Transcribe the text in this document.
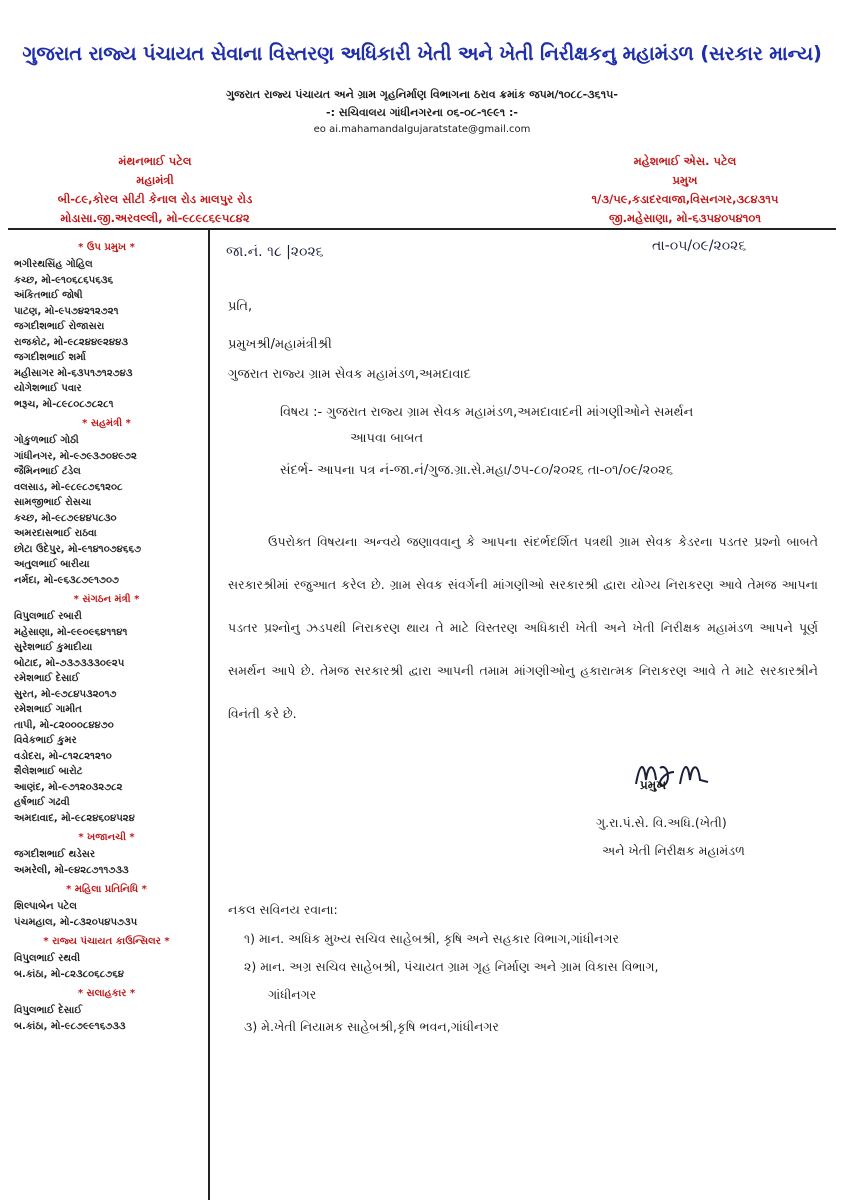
ગુજરાત રાજ્ય પંચાયત સેવાના વિસ્તરણ અધિકારી ખેતી અને ખેતી નિરીક્ષકનુ મહામંડળ (સરકાર માન્ય)
ગુજરાત રાજ્ય પંચાયત અને ગ્રામ ગૃહનિર્માણ વિભાગના ઠરાવ ક્રમાંક જપમ/૧૦૮૮-૩૬૧૫-
-: સચિવાલય ગાંધીનગરના ૦૬-૦૮-૧૯૯૧ :-
eo ai.mahamandalgujaratstate@gmail.com
મંથનભાઈ પટેલ
મહામંત્રી
બી-૮૯,કોરલ સીટી કેનાલ રોડ માલપુર રોડ
મોડાસા.જી.અરવલ્લી, મો-૯૮૯૮૬૯૫૮૪૨
મહેશભાઈ એસ. પટેલ
પ્રમુખ
૧/૩/૫૯,કડાદરવાજા,વિસનગર,૩૮૪૩૧૫
જી.મહેસાણા, મો-૬૩૫૪૦૫૪૧૦૧
* ઉપ પ્રમુખ *
ભગીરથસિંહ ગોહિલ
કચ્છ, મો-૯૧૦૬૮૬૫૬૩૬
અંકિતભાઈ જોષી
પાટણ, મો-૯૫૭૪૨૧૨૭૨૧
જગદીશભાઈ રોજાસરા
રાજકોટ, મો-૯૮૨૪૪૯૨૪૪૩
જગદીશભાઈ શર્મા
મહીસાગર મો-૬૩૫૧૭૧૨૭૪૩
યોગેશભાઈ પવાર
ભરૂચ, મો-૮૯૮૦૮૭૮૨૮૧
* સહમંત્રી *
ગોકુળભાઈ ગોઠી
ગાંધીનગર, મો-૯૭૯૩૭૦૪૯૭૨
જૈમિનભાઈ ટંડેલ
વલસાડ, મો-૯૮૯૮૭૬૧૨૦૮
સામજીભાઈ રોસચા
કચ્છ, મો-૯૮૭૯૪૪૫૮૩૦
અમરદાસભાઈ રાઠવા
છોટા ઉદેપુર, મો-૯૧૪૧૦૭૪૬૬૭
અતુલભાઈ બારીયા
નર્મદા, મો-૯૬૩૮૭૯૧૭૦૭
* સંગઠન મંત્રી *
વિપુલભાઈ રબારી
મહેસાણા, મો-૯૯૦૯૬૪૧૧૪૧
સુરેશભાઈ કુમાદીયા
બોટાદ, મો-૭૩૭૩૩૩૦૯૨૫
રમેશભાઈ દેસાઈ
સુરત, મો-૯૭૮૪૫૩૨૦૧૭
રમેશભાઈ ગામીત
તાપી, મો-૮૨૦૦૦૮૪૪૭૦
વિવેકભાઈ કુમર
વડોદરા, મો-૮૧૨૮૨૧૨૧૦
શૈલેશભાઈ બારોટ
આણંદ, મો-૯૭૧૨૦૩૨૭૮૨
હર્ષભાઈ ગઢવી
અમદાવાદ, મો-૯૮૨૪૬૦૪૫૨૪
* ખજાનચી *
જગદીશભાઈ થડેસર
અમરેલી, મો-૯૪૨૮૭૧૧૭૩૩
* મહિલા પ્રતિનિધિ *
શિલ્પાબેન પટેલ
પંચમહાલ, મો-૮૩૨૦૫૪૫૭૩૫
* રાજ્ય પંચાયત કાઉન્સિલર *
વિપુલભાઈ રથવી
બ.કાંઠા, મો-૮૨૩૮૦૬૮૭૬૪
* સલાહકાર *
વિપુલભાઈ દેસાઈ
બ.કાંઠા, મો-૯૮૭૯૯૧૬૭૩૩
જા.નં. ૧૮ |૨૦૨૬	તા-૦૫/૦૯/૨૦૨૬
પ્રતિ,
પ્રમુખશ્રી/મહામંત્રીશ્રી
ગુજરાત રાજ્ય ગ્રામ સેવક મહામંડળ,અમદાવાદ
વિષય :- ગુજરાત રાજ્ય ગ્રામ સેવક મહામંડળ,અમદાવાદની માંગણીઓને સમર્થન
આપવા બાબત
સંદર્ભ- આપના પત્ર નં-જા.નં/ગુજ.ગ્રા.સે.મહા/૭૫-૮૦/૨૦૨૬ તા-૦૧/૦૯/૨૦૨૬

ઉપરોક્ત વિષયના અન્વયે જણાવવાનુ કે આપના સંદર્ભદર્શિત પત્રથી ગ્રામ સેવક કેડરના પડતર પ્રશ્નો બાબતે સરકારશ્રીમાં રજુઆત કરેલ છે. ગ્રામ સેવક સંવર્ગની માંગણીઓ સરકારશ્રી દ્વારા યોગ્ય નિરાકરણ આવે તેમજ આપના પડતર પ્રશ્નોનુ ઝડપથી નિરાકરણ થાય તે માટે વિસ્તરણ અધિકારી ખેતી અને ખેતી નિરીક્ષક મહામંડળ આપને પૂર્ણ સમર્થન આપે છે. તેમજ સરકારશ્રી દ્વારા આપની તમામ માંગણીઓનુ હકારાત્મક નિરાકરણ આવે તે માટે સરકારશ્રીને વિનંતી કરે છે.

પ્રમુખ
ગુ.રા.પં.સે. વિ.અધિ.(ખેતી)
અને ખેતી નિરીક્ષક મહામંડળ
નકલ સવિનય રવાના:
૧) માન. અધિક મુખ્ય સચિવ સાહેબશ્રી, કૃષિ અને સહકાર વિભાગ,ગાંધીનગર
૨) માન. અગ્ર સચિવ સાહેબશ્રી, પંચાયત ગ્રામ ગૃહ નિર્માણ અને ગ્રામ વિકાસ વિભાગ,
ગાંધીનગર
૩) મે.ખેતી નિયામક સાહેબશ્રી,કૃષિ ભવન,ગાંધીનગર
